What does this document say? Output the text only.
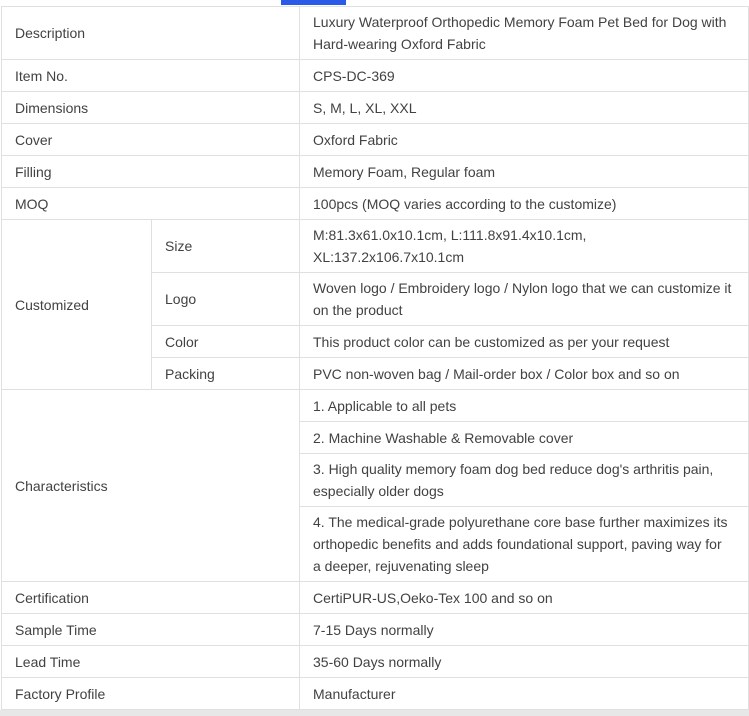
Description		Luxury Waterproof Orthopedic Memory Foam Pet Bed for Dog with Hard-wearing Oxford Fabric
Item No.		CPS-DC-369
Dimensions		S, M, L, XL, XXL
Cover		Oxford Fabric
Filling		Memory Foam, Regular foam
MOQ		100pcs (MOQ varies according to the customize)
Customized	Size	M:81.3x61.0x10.1cm, L:111.8x91.4x10.1cm, XL:137.2x106.7x10.1cm
	Logo	Woven logo / Embroidery logo / Nylon logo that we can customize it on the product
	Color	This product color can be customized as per your request
	Packing	PVC non-woven bag / Mail-order box / Color box and so on
Characteristics		1. Applicable to all pets
		2. Machine Washable & Removable cover
		3. High quality memory foam dog bed reduce dog's arthritis pain, especially older dogs
		4. The medical-grade polyurethane core base further maximizes its orthopedic benefits and adds foundational support, paving way for a deeper, rejuvenating sleep
Certification		CertiPUR-US,Oeko-Tex 100 and so on
Sample Time		7-15 Days normally
Lead Time		35-60 Days normally
Factory Profile		Manufacturer
